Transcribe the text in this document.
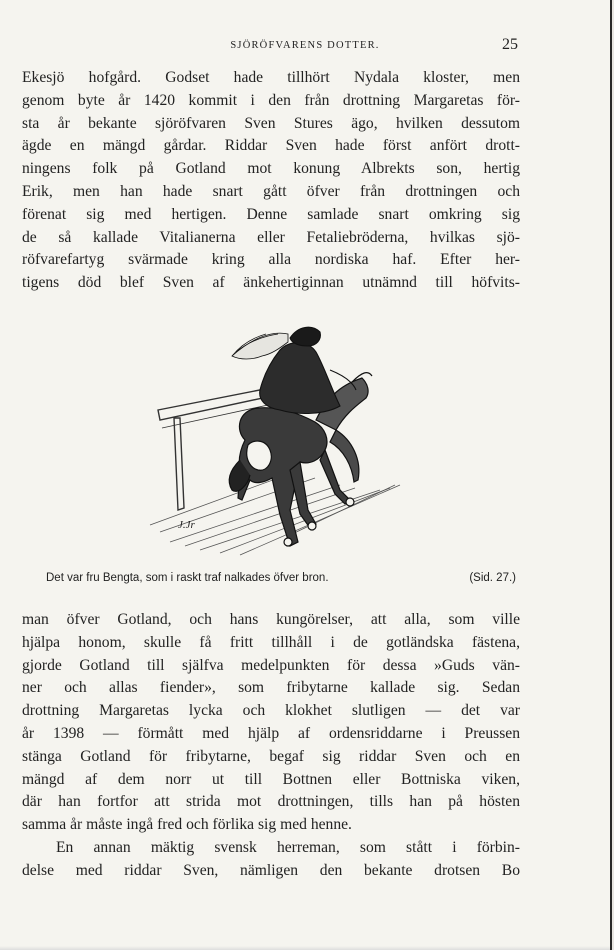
SJÖRÖFVARENS DOTTER.	25
Ekesjö hofgård. Godset hade tillhört Nydala kloster, men
genom byte år 1420 kommit i den från drottning Margaretas för-
sta år bekante sjöröfvaren Sven Stures ägo, hvilken dessutom
ägde en mängd gårdar. Riddar Sven hade först anfört drott-
ningens folk på Gotland mot konung Albrekts son, hertig
Erik, men han hade snart gått öfver från drottningen och
förenat sig med hertigen. Denne samlade snart omkring sig
de så kallade Vitalianerna eller Fetaliebröderna, hvilkas sjö-
röfvarefartyg svärmade kring alla nordiska haf. Efter her-
tigens död blef Sven af änkehertiginnan utnämnd till höfvits-
J.Jr
Det var fru Bengta, som i raskt traf nalkades öfver bron.	(Sid. 27.)
man öfver Gotland, och hans kungörelser, att alla, som ville
hjälpa honom, skulle få fritt tillhåll i de gotländska fästena,
gjorde Gotland till själfva medelpunkten för dessa »Guds vän-
ner och allas fiender», som fribytarne kallade sig. Sedan
drottning Margaretas lycka och klokhet slutligen — det var
år 1398 — förmått med hjälp af ordensriddarne i Preussen
stänga Gotland för fribytarne, begaf sig riddar Sven och en
mängd af dem norr ut till Bottnen eller Bottniska viken,
där han fortfor att strida mot drottningen, tills han på hösten
samma år måste ingå fred och förlika sig med henne.
En annan mäktig svensk herreman, som stått i förbin-
delse med riddar Sven, nämligen den bekante drotsen Bo
